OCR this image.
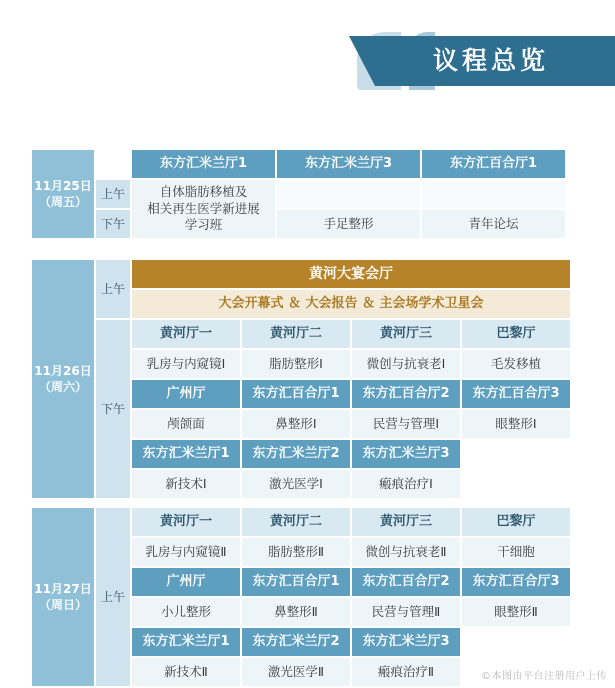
议程总览
11月25日
（周五）		东方汇米兰厅1	东方汇米兰厅3	东方汇百合厅1
	上午	自体脂肪移植及
相关再生医学新进展
学习班		

	下午		手足整形	青年论坛
11月26日
（周六）	上午	黄河大宴会厅			
		大会开幕式 ＆ 大会报告 ＆ 主会场学术卫星会			
	下午	黄河厅一	黄河厅二	黄河厅三	巴黎厅
		乳房与内窥镜Ⅰ	脂肪整形Ⅰ	微创与抗衰老Ⅰ	毛发移植
		广州厅	东方汇百合厅1	东方汇百合厅2	东方汇百合厅3
		颅颌面	鼻整形Ⅰ	民营与管理Ⅰ	眼整形Ⅰ
		东方汇米兰厅1	东方汇米兰厅2	东方汇米兰厅3	
		新技术Ⅰ	激光医学Ⅰ	瘢痕治疗Ⅰ	
11月27日
（周日）	上午	黄河厅一	黄河厅二	黄河厅三	巴黎厅
		乳房与内窥镜Ⅱ	脂肪整形Ⅱ	微创与抗衰老Ⅱ	干细胞
		广州厅	东方汇百合厅1	东方汇百合厅2	东方汇百合厅3
		小儿整形	鼻整形Ⅱ	民营与管理Ⅱ	眼整形Ⅱ
		东方汇米兰厅1	东方汇米兰厅2	东方汇米兰厅3	
		新技术Ⅱ	激光医学Ⅱ	瘢痕治疗Ⅱ		©本图由平台注册用户上传
